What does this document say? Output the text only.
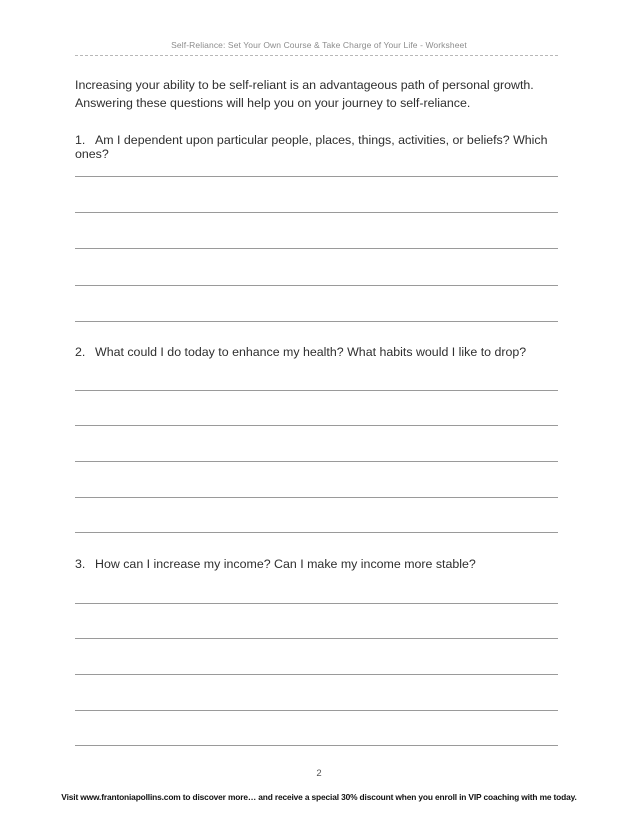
Self-Reliance: Set Your Own Course & Take Charge of Your Life - Worksheet
Increasing your ability to be self-reliant is an advantageous path of personal growth.
Answering these questions will help you on your journey to self-reliance.
1. Am I dependent upon particular people, places, things, activities, or beliefs? Which ones?
2. What could I do today to enhance my health? What habits would I like to drop?
3. How can I increase my income? Can I make my income more stable?
2
Visit www.frantoniapollins.com to discover more… and receive a special 30% discount when you enroll in VIP coaching with me today.
